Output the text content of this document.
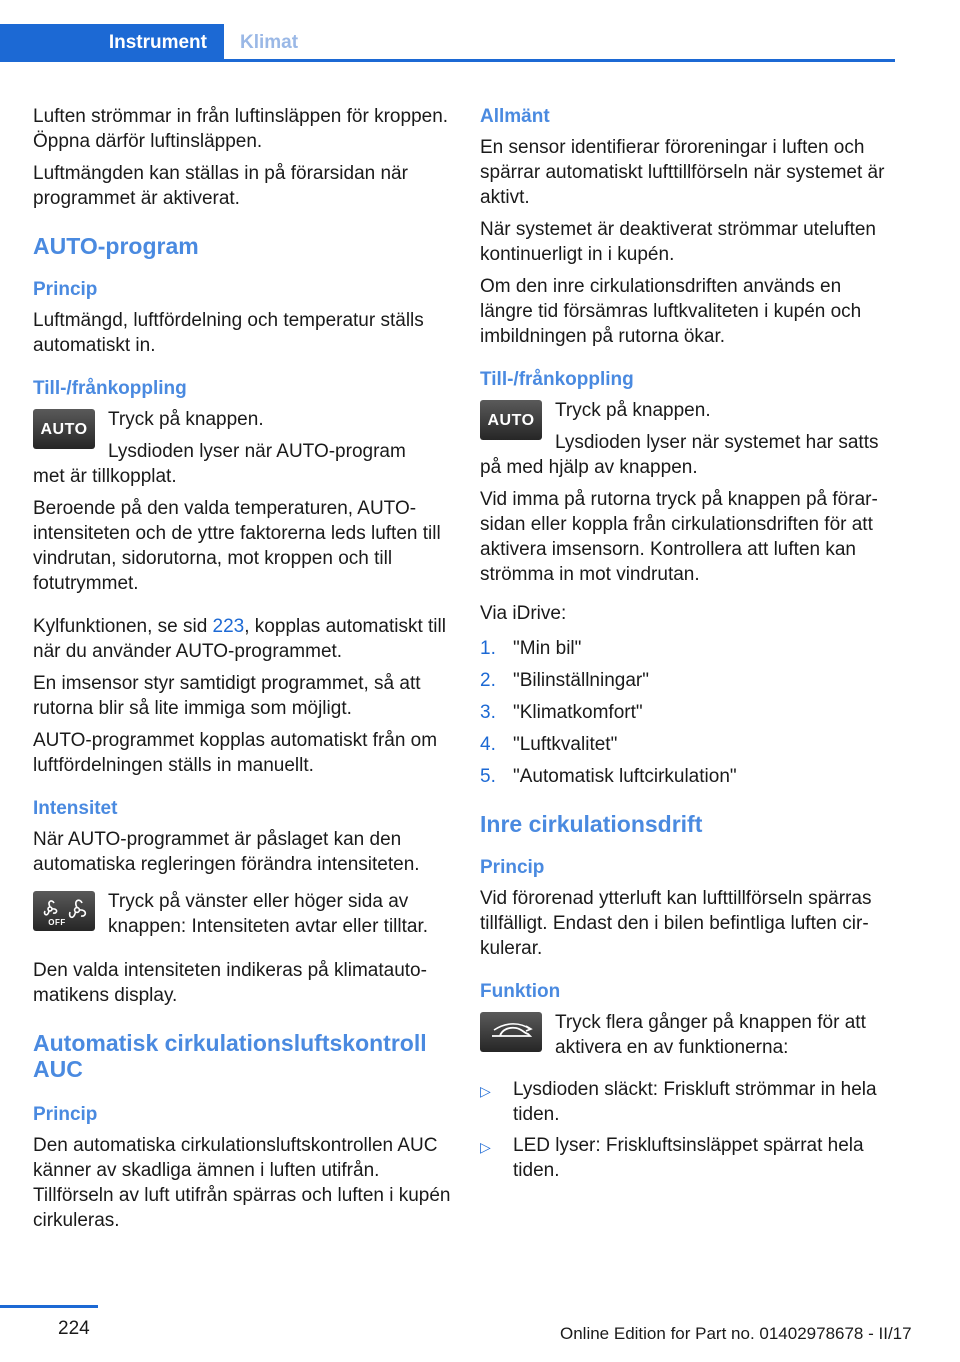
Instrument	Klimat

Luften strömmar in från luftinsläppen för kroppen. Öppna därför luftinsläppen.

Luftmängden kan ställas in på förarsidan när programmet är aktiverat.

AUTO-program
Princip

Luftmängd, luftfördelning och temperatur ställs automatiskt in.

Till-/frånkoppling
AUTO	Tryck på knappen.

Lysdioden lyser när AUTO-program

met är tillkopplat.

Beroende på den valda temperaturen, AUTO-intensiteten och de yttre faktorerna leds luften till vindrutan, sidorutorna, mot kroppen och till fotutrymmet.

Kylfunktionen, se sid 223, kopplas automatiskt till när du använder AUTO-programmet.

En imsensor styr samtidigt programmet, så att rutorna blir så lite immiga som möjligt.

AUTO-programmet kopplas automatiskt från om luftfördelningen ställs in manuellt.

Intensitet

När AUTO-programmet är påslaget kan den automatiska regleringen förändra intensiteten.

OFF

Tryck på vänster eller höger sida av knappen: Intensiteten avtar eller tilltar.

Den valda intensiteten indikeras på klimatautomatikens display.

Automatisk cirkulationsluftskontroll AUC
Princip

Den automatiska cirkulationsluftskontrollen AUC känner av skadliga ämnen i luften utifrån. Tillförseln av luft utifrån spärras och luften i kupén cirkuleras.

Allmänt

En sensor identifierar föroreningar i luften och spärrar automatiskt lufttillförseln när systemet är aktivt.

När systemet är deaktiverat strömmar uteluften kontinuerligt in i kupén.

Om den inre cirkulationsdriften används en längre tid försämras luftkvaliteten i kupén och imbildningen på rutorna ökar.

Till-/frånkoppling
AUTO	Tryck på knappen.

Lysdioden lyser när systemet har satts

på med hjälp av knappen.

Vid imma på rutorna tryck på knappen på förarsidan eller koppla från cirkulationsdriften för att aktivera imsensorn. Kontrollera att luften kan strömma in mot vindrutan.

Via iDrive:

1. "Min bil"
2. "Bilinställningar"
3. "Klimatkomfort"
4. "Luftkvalitet"
5. "Automatisk luftcirkulation"
Inre cirkulationsdrift
Princip

Vid förorenad ytterluft kan lufttillförseln spärras tillfälligt. Endast den i bilen befintliga luften cirkulerar.

Funktion

Tryck flera gånger på knappen för att aktivera en av funktionerna:

▷	Lysdioden släckt: Friskluft strömmar in hela tiden.
▷	LED lyser: Friskluftsinsläppet spärrat hela tiden.
224	Online Edition for Part no. 01402978678 - II/17
